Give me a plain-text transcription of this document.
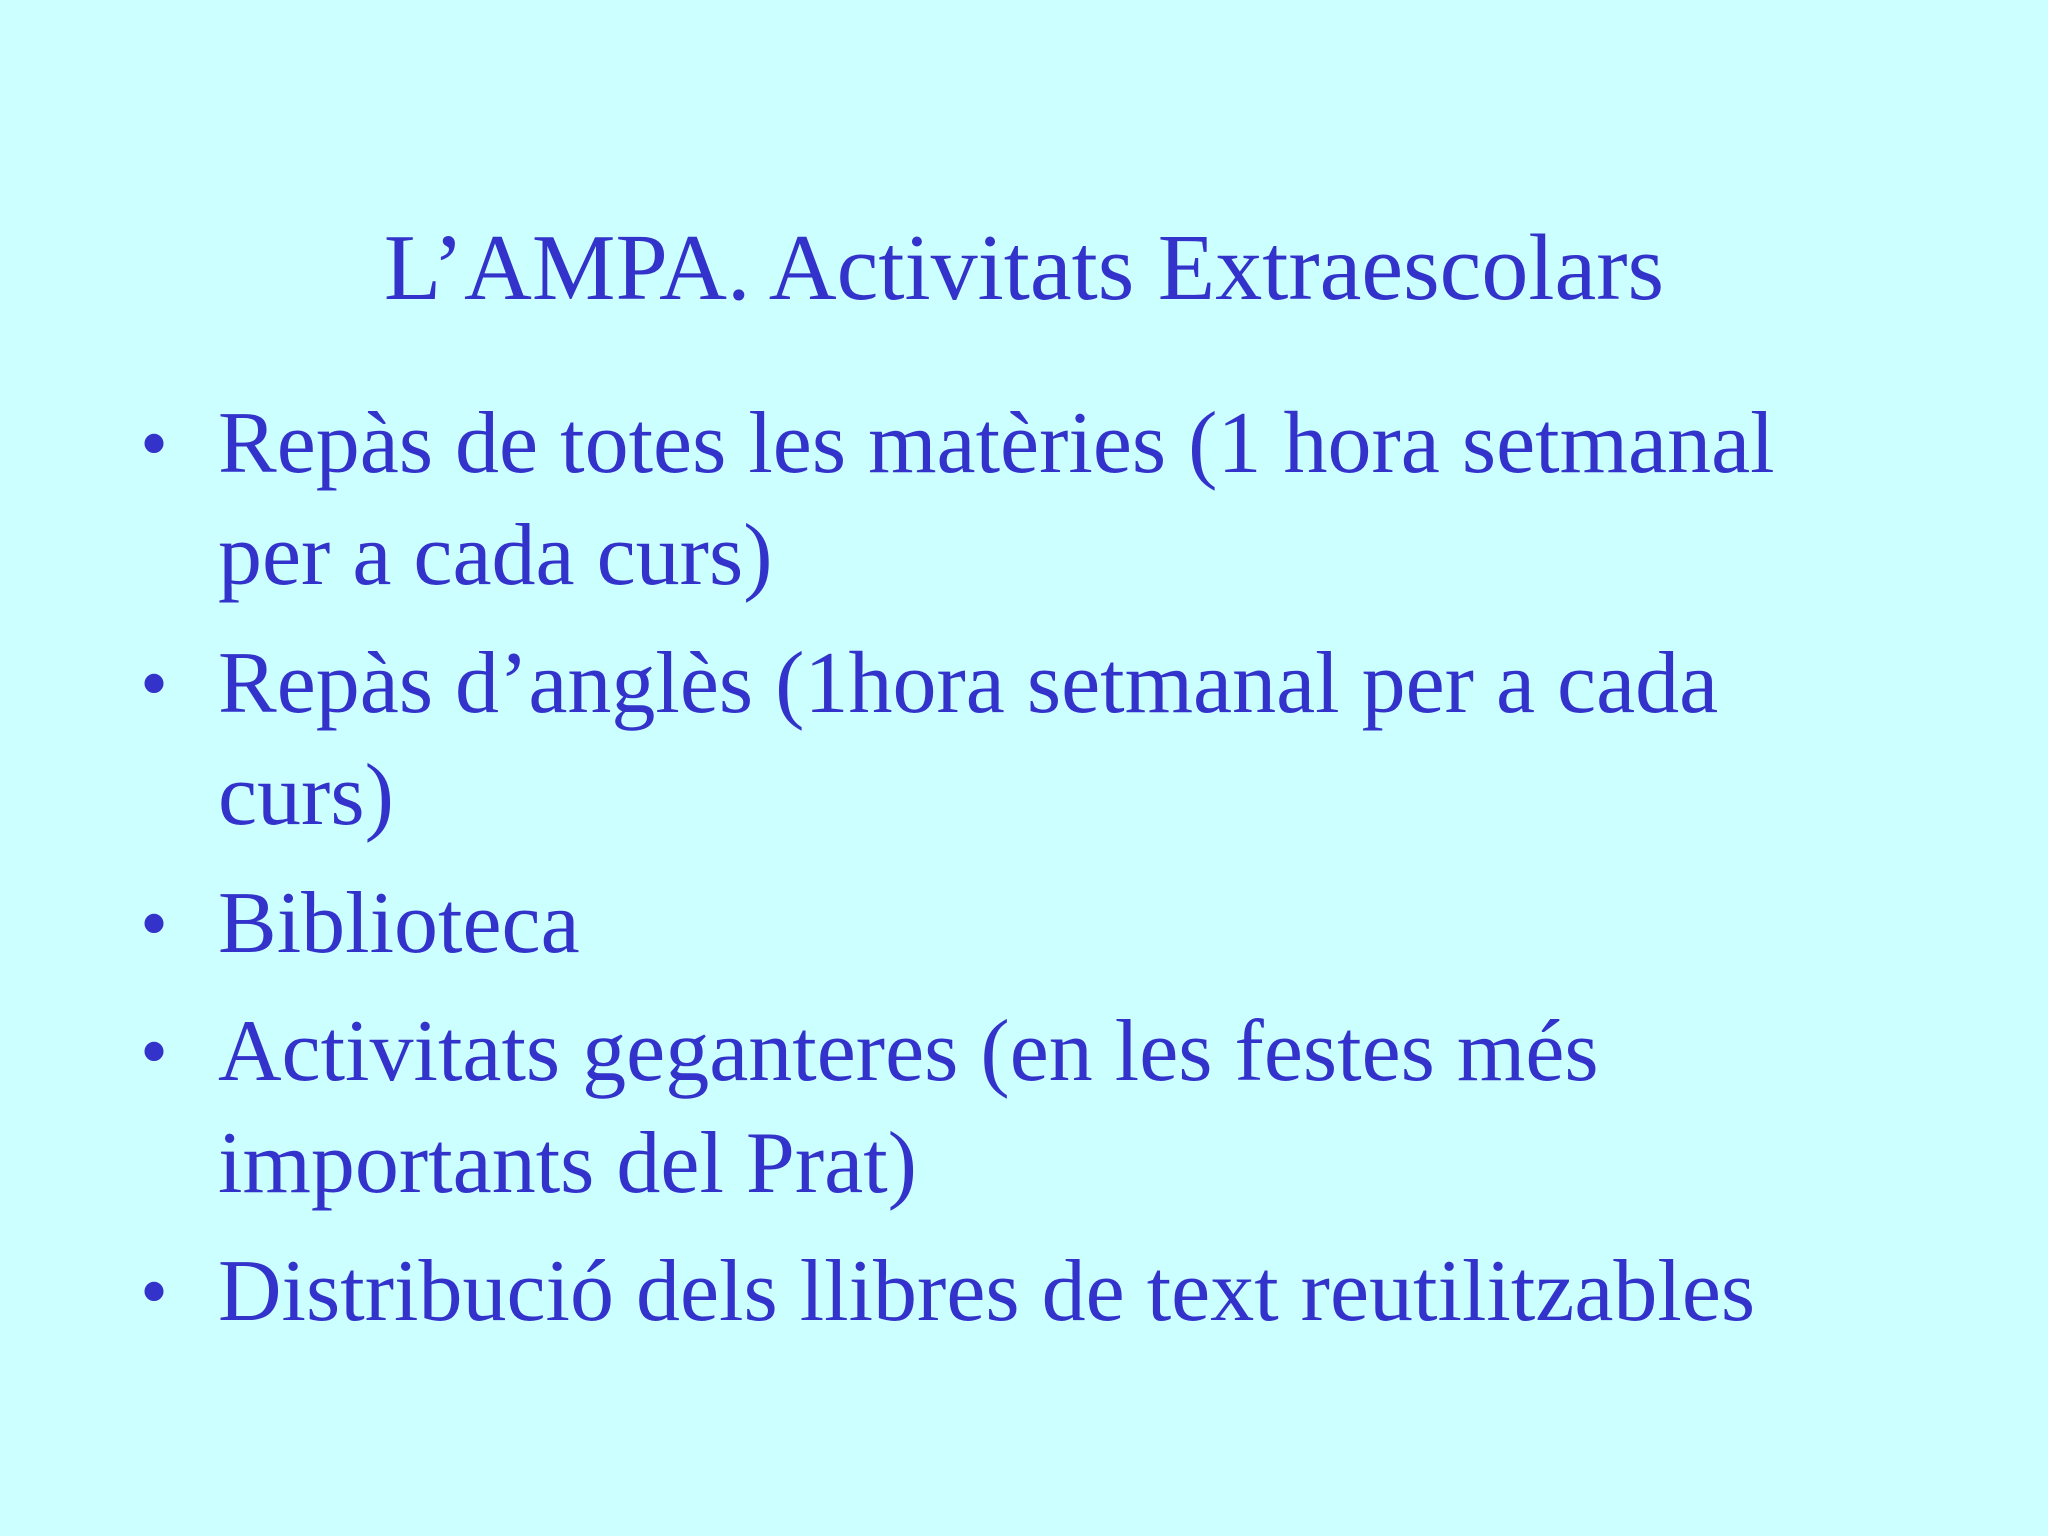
L’AMPA. Activitats Extraescolars
• Repàs de totes les matèries (1 hora setmanal per a cada curs)
• Repàs d’anglès (1hora setmanal per a cada curs)
• Biblioteca
• Activitats geganteres (en les festes més importants del Prat)
• Distribució dels llibres de text reutilitzables
